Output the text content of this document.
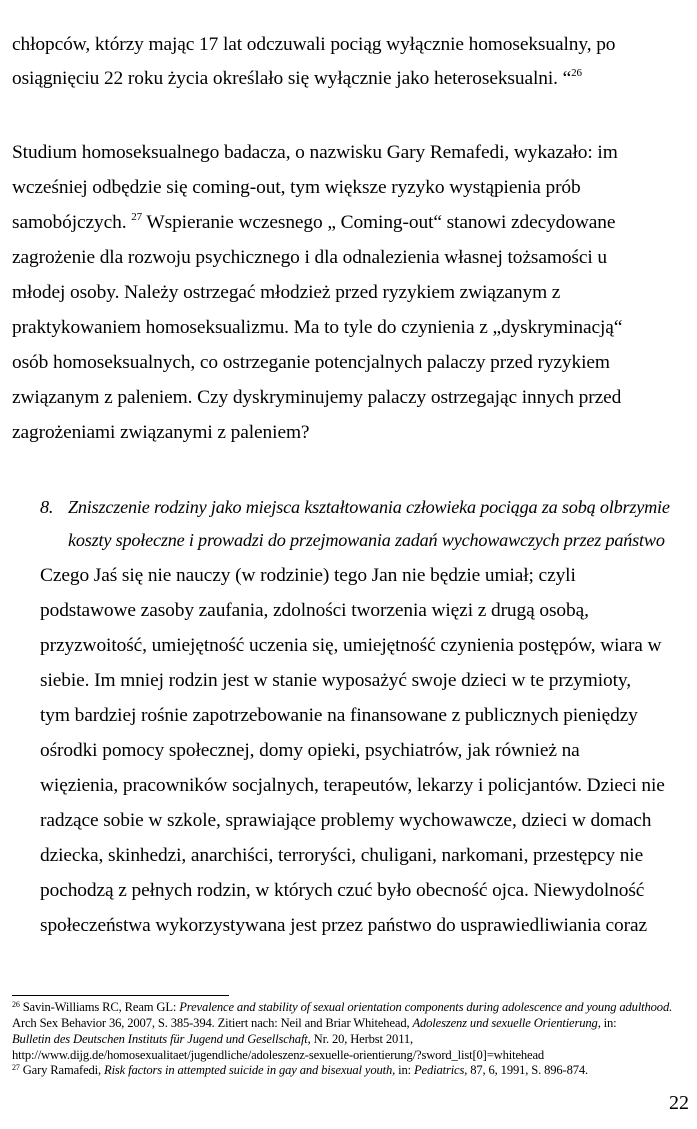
chłopców, którzy mając 17 lat odczuwali pociąg wyłącznie homoseksualny, po
osiągnięciu 22 roku życia określało się wyłącznie jako heteroseksualni. “$^{26}$
Studium homoseksualnego badacza, o nazwisku Gary Remafedi, wykazało: im
wcześniej odbędzie się coming-out, tym większe ryzyko wystąpienia prób
samobójczych. $^{27}$ Wspieranie wczesnego „ Coming-out“ stanowi zdecydowane
zagrożenie dla rozwoju psychicznego i dla odnalezienia własnej tożsamości u
młodej osoby. Należy ostrzegać młodzież przed ryzykiem związanym z
praktykowaniem homoseksualizmu. Ma to tyle do czynienia z „dyskryminacją“
osób homoseksualnych, co ostrzeganie potencjalnych palaczy przed ryzykiem
związanym z paleniem. Czy dyskryminujemy palaczy ostrzegając innych przed
zagrożeniami związanymi z paleniem?
8. Zniszczenie rodziny jako miejsca kształtowania człowieka pociąga za sobą olbrzymie
koszty społeczne i prowadzi do przejmowania zadań wychowawczych przez państwo
Czego Jaś się nie nauczy (w rodzinie) tego Jan nie będzie umiał; czyli
podstawowe zasoby zaufania, zdolności tworzenia więzi z drugą osobą,
przyzwoitość, umiejętność uczenia się, umiejętność czynienia postępów, wiara w
siebie. Im mniej rodzin jest w stanie wyposażyć swoje dzieci w te przymioty,
tym bardziej rośnie zapotrzebowanie na finansowane z publicznych pieniędzy
ośrodki pomocy społecznej, domy opieki, psychiatrów, jak również na
więzienia, pracowników socjalnych, terapeutów, lekarzy i policjantów. Dzieci nie
radzące sobie w szkole, sprawiające problemy wychowawcze, dzieci w domach
dziecka, skinhedzi, anarchiści, terroryści, chuligani, narkomani, przestępcy nie
pochodzą z pełnych rodzin, w których czuć było obecność ojca. Niewydolność
społeczeństwa wykorzystywana jest przez państwo do usprawiedliwiania coraz
$^{26}$ Savin-Williams RC, Ream GL: Prevalence and stability of sexual orientation components during adolescence and young adulthood.
Arch Sex Behavior 36, 2007, S. 385-394. Zitiert nach: Neil and Briar Whitehead, Adoleszenz und sexuelle Orientierung, in:
Bulletin des Deutschen Instituts für Jugend und Gesellschaft, Nr. 20, Herbst 2011,
http://www.dijg.de/homosexualitaet/jugendliche/adoleszenz-sexuelle-orientierung/?sword_list[0]=whitehead
$^{27}$ Gary Ramafedi, Risk factors in attempted suicide in gay and bisexual youth, in: Pediatrics, 87, 6, 1991, S. 896-874.
22
